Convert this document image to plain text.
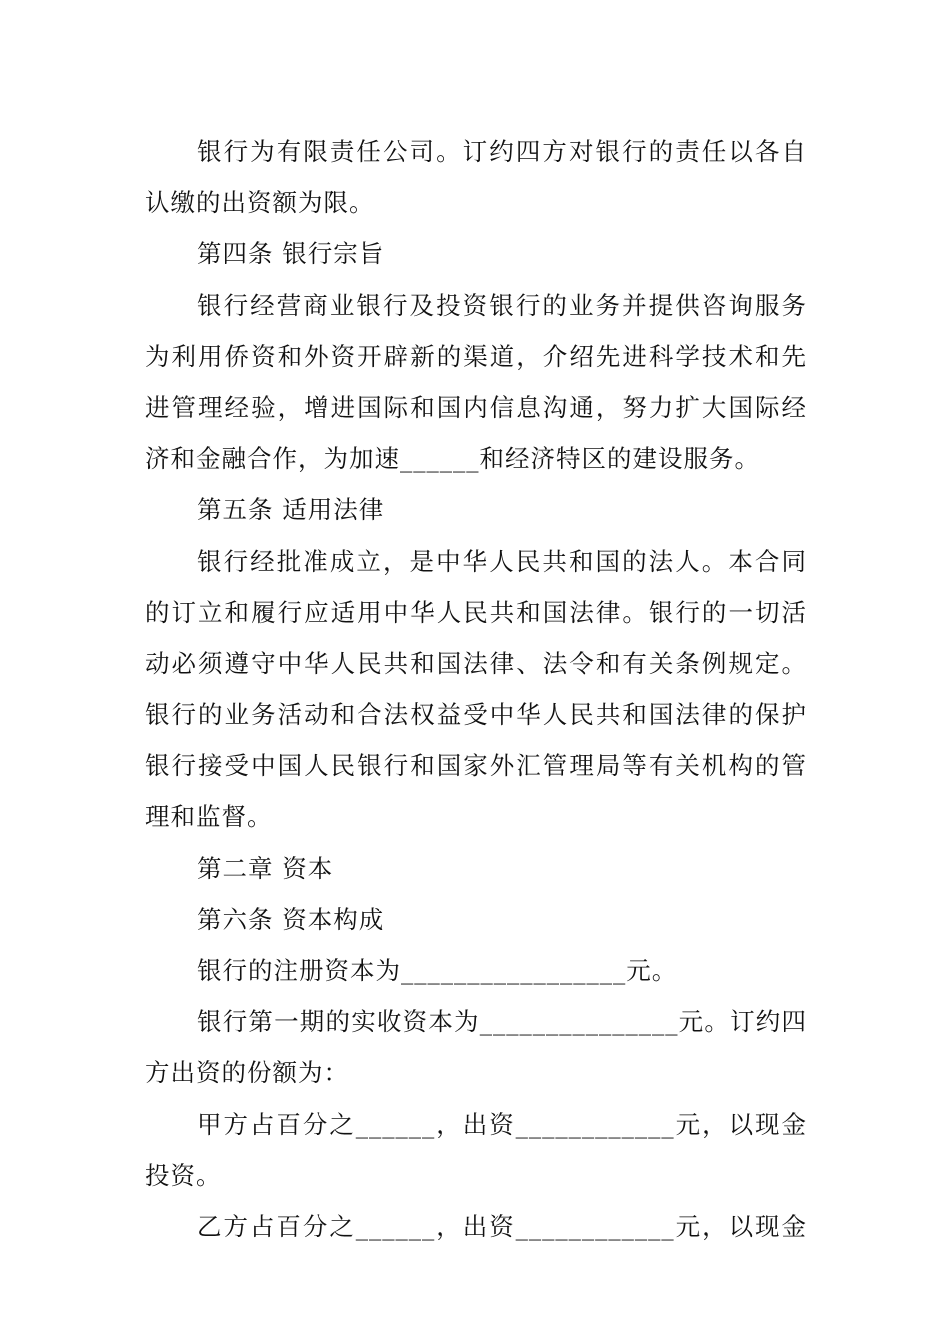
银行为有限责任公司。订约四方对银行的责任以各自
认缴的出资额为限。
第四条 银行宗旨
银行经营商业银行及投资银行的业务并提供咨询服务
为利用侨资和外资开辟新的渠道，介绍先进科学技术和先
进管理经验，增进国际和国内信息沟通，努力扩大国际经
济和金融合作，为加速______和经济特区的建设服务。
第五条 适用法律
银行经批准成立，是中华人民共和国的法人。本合同
的订立和履行应适用中华人民共和国法律。银行的一切活
动必须遵守中华人民共和国法律、法令和有关条例规定。
银行的业务活动和合法权益受中华人民共和国法律的保护
银行接受中国人民银行和国家外汇管理局等有关机构的管
理和监督。
第二章 资本
第六条 资本构成
银行的注册资本为_________________元。
银行第一期的实收资本为_______________元。订约四
方出资的份额为：
甲方占百分之______，出资____________元，以现金
投资。
乙方占百分之______，出资____________元，以现金
